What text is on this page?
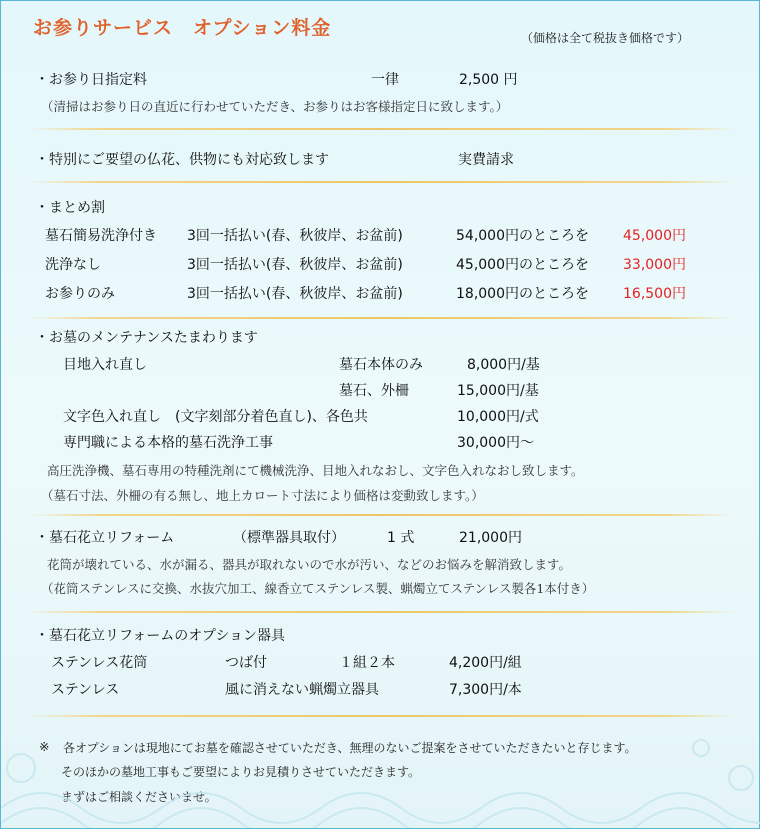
お参りサービス　オプション料金	（価格は全て税抜き価格です）
・お参り日指定料	一律	2,500 円
（清掃はお参り日の直近に行わせていただき、お参りはお客様指定日に致します。）
・特別にご要望の仏花、供物にも対応致します	実費請求
・まとめ割
墓石簡易洗浄付き 3回一括払い(春、秋彼岸、お盆前)	54,000円のところを 45,000円
洗浄なし	3回一括払い(春、秋彼岸、お盆前)	45,000円のところを 33,000円
お参りのみ	3回一括払い(春、秋彼岸、お盆前)	18,000円のところを 16,500円
・お墓のメンテナンスたまわります
目地入れ直し	墓石本体のみ	8,000円/基
墓石、外柵	15,000円/基
文字色入れ直し　(文字刻部分着色直し)、各色共	10,000円/式
専門職による本格的墓石洗浄工事	30,000円～
高圧洗浄機、墓石専用の特種洗剤にて機械洗浄、目地入れなおし、文字色入れなおし致します。
（墓石寸法、外柵の有る無し、地上カロート寸法により価格は変動致します。）
・墓石花立リフォーム	（標準器具取付）	1 式	21,000円
花筒が壊れている、水が漏る、器具が取れないので水が汚い、などのお悩みを解消致します。
（花筒ステンレスに交換、水抜穴加工、線香立てステンレス製、蝋燭立てステンレス製各1本付き）
・墓石花立リフォームのオプション器具
ステンレス花筒	つば付	１組２本	4,200円/組
ステンレス	風に消えない蝋燭立器具	7,300円/本
※ 各オプションは現地にてお墓を確認させていただき、無理のないご提案をさせていただきたいと存じます。
そのほかの墓地工事もご要望によりお見積りさせていただきます。
まずはご相談くださいませ。
